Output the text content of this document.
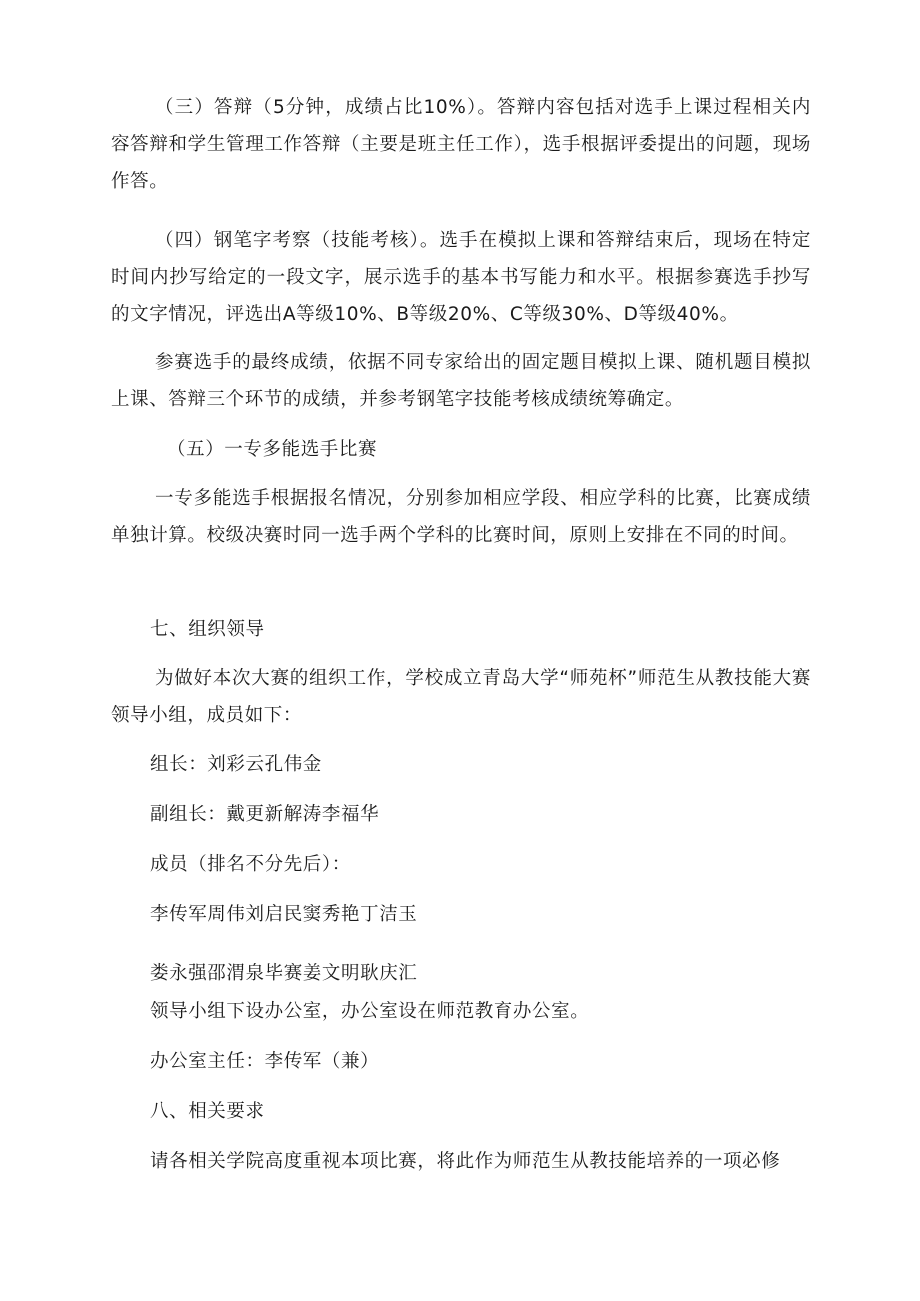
（三）答辩（5分钟，成绩占比10%）。答辩内容包括对选手上课过程相关内容答辩和学生管理工作答辩（主要是班主任工作），选手根据评委提出的问题，现场作答。

（四）钢笔字考察（技能考核）。选手在模拟上课和答辩结束后，现场在特定时间内抄写给定的一段文字，展示选手的基本书写能力和水平。根据参赛选手抄写的文字情况，评选出A等级10%、B等级20%、C等级30%、D等级40%。

参赛选手的最终成绩，依据不同专家给出的固定题目模拟上课、随机题目模拟上课、答辩三个环节的成绩，并参考钢笔字技能考核成绩统筹确定。

（五）一专多能选手比赛

一专多能选手根据报名情况，分别参加相应学段、相应学科的比赛，比赛成绩单独计算。校级决赛时同一选手两个学科的比赛时间，原则上安排在不同的时间。

七、组织领导

为做好本次大赛的组织工作，学校成立青岛大学“师苑杯”师范生从教技能大赛领导小组，成员如下：

组长：刘彩云孔伟金

副组长：戴更新解涛李福华

成员（排名不分先后）：

李传军周伟刘启民窦秀艳丁洁玉

娄永强邵渭泉毕赛姜文明耿庆汇

领导小组下设办公室，办公室设在师范教育办公室。

办公室主任：李传军（兼）

八、相关要求

请各相关学院高度重视本项比赛，将此作为师范生从教技能培养的一项必修
